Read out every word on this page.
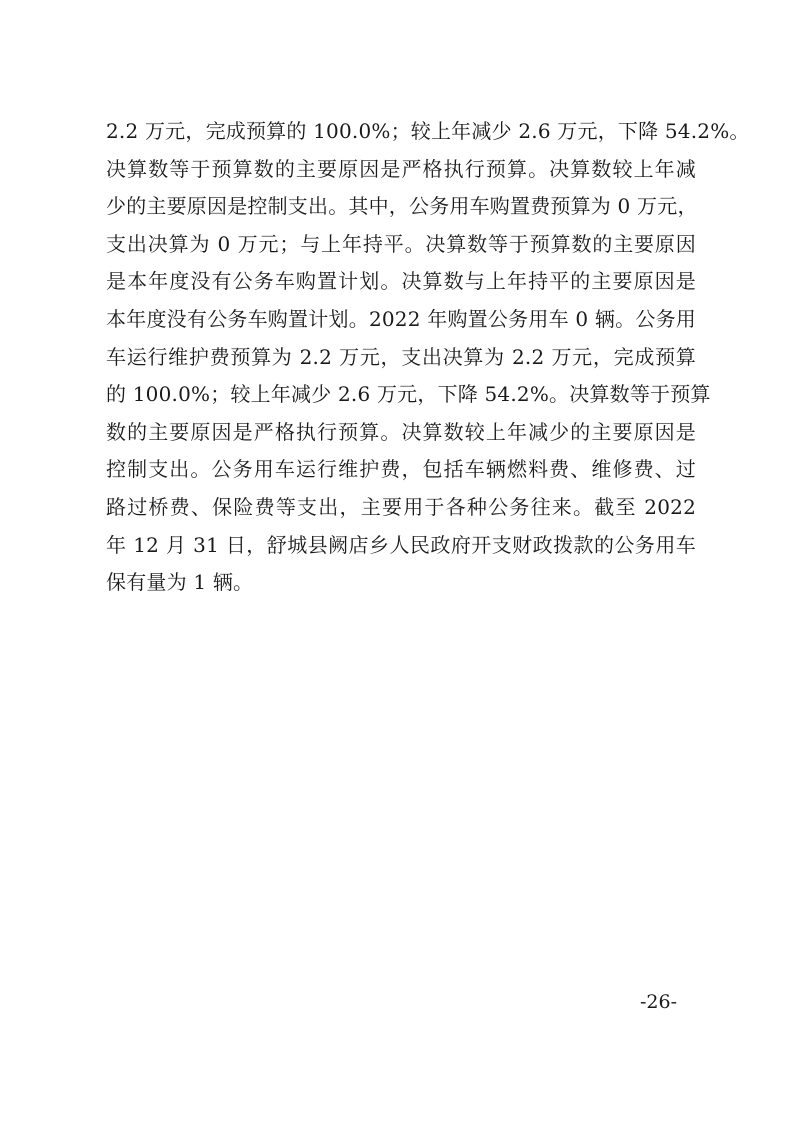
2.2 万元，完成预算的 100.0%；较上年减少 2.6 万元，下降 54.2%。
决算数等于预算数的主要原因是严格执行预算。决算数较上年减
少的主要原因是控制支出。其中，公务用车购置费预算为 0 万元，
支出决算为 0 万元；与上年持平。决算数等于预算数的主要原因
是本年度没有公务车购置计划。决算数与上年持平的主要原因是
本年度没有公务车购置计划。2022 年购置公务用车 0 辆。公务用
车运行维护费预算为 2.2 万元，支出决算为 2.2 万元，完成预算
的 100.0%；较上年减少 2.6 万元，下降 54.2%。决算数等于预算
数的主要原因是严格执行预算。决算数较上年减少的主要原因是
控制支出。公务用车运行维护费，包括车辆燃料费、维修费、过
路过桥费、保险费等支出，主要用于各种公务往来。截至 2022
年 12 月 31 日，舒城县阙店乡人民政府开支财政拨款的公务用车
保有量为 1 辆。
-26-
